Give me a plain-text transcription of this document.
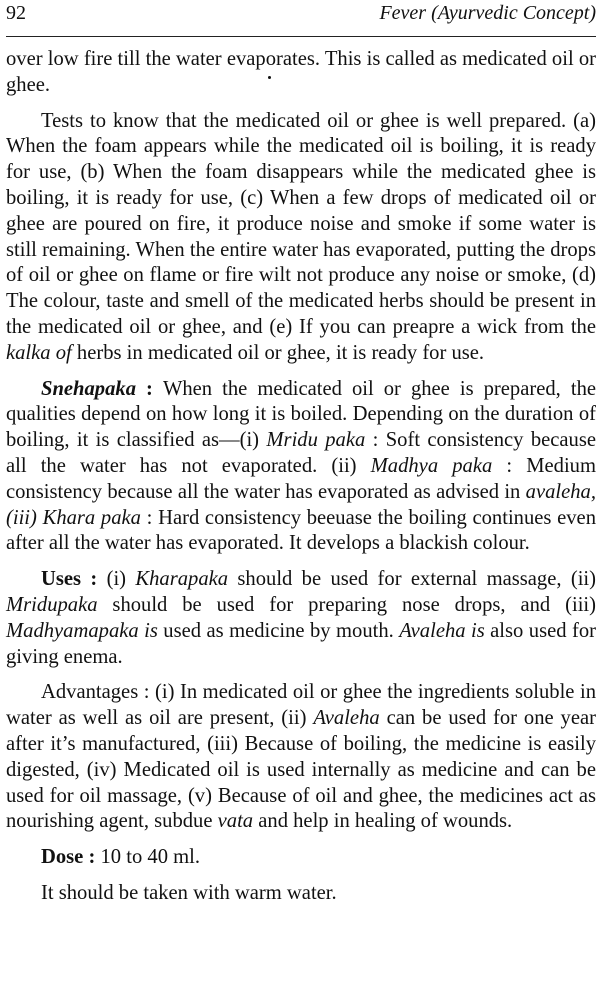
92	Fever (Ayurvedic Concept)

over low fire till the water evaporates. This is called as medicated oil or ghee.

Tests to know that the medicated oil or ghee is well prepared. (a) When the foam appears while the medicated oil is boiling, it is ready for use, (b) When the foam disappears while the medicated ghee is boiling, it is ready for use, (c) When a few drops of medicated oil or ghee are poured on fire, it produce noise and smoke if some water is still remaining. When the entire water has evaporated, putting the drops of oil or ghee on flame or fire wilt not produce any noise or smoke, (d) The colour, taste and smell of the medicated herbs should be present in the medicated oil or ghee, and (e) If you can preapre a wick from the kalka of herbs in medicated oil or ghee, it is ready for use.

Snehapaka : When the medicated oil or ghee is prepared, the qualities depend on how long it is boiled. Depending on the duration of boiling, it is classified as—(i) Mridu paka : Soft consistency because all the water has not evaporated. (ii) Madhya paka : Medium consistency because all the water has evaporated as advised in avaleha, (iii) Khara paka : Hard consistency beeuase the boiling continues even after all the water has evaporated. It develops a blackish colour.

Uses : (i) Kharapaka should be used for external massage, (ii) Mridupaka should be used for preparing nose drops, and (iii) Madhyamapaka is used as medicine by mouth. Avaleha is also used for giving enema.

Advantages : (i) In medicated oil or ghee the ingredients soluble in water as well as oil are present, (ii) Avaleha can be used for one year after it’s manufactured, (iii) Because of boiling, the medicine is easily digested, (iv) Medicated oil is used internally as medicine and can be used for oil massage, (v) Because of oil and ghee, the medicines act as nourishing agent, subdue vata and help in healing of wounds.

Dose : 10 to 40 ml.

It should be taken with warm water.
